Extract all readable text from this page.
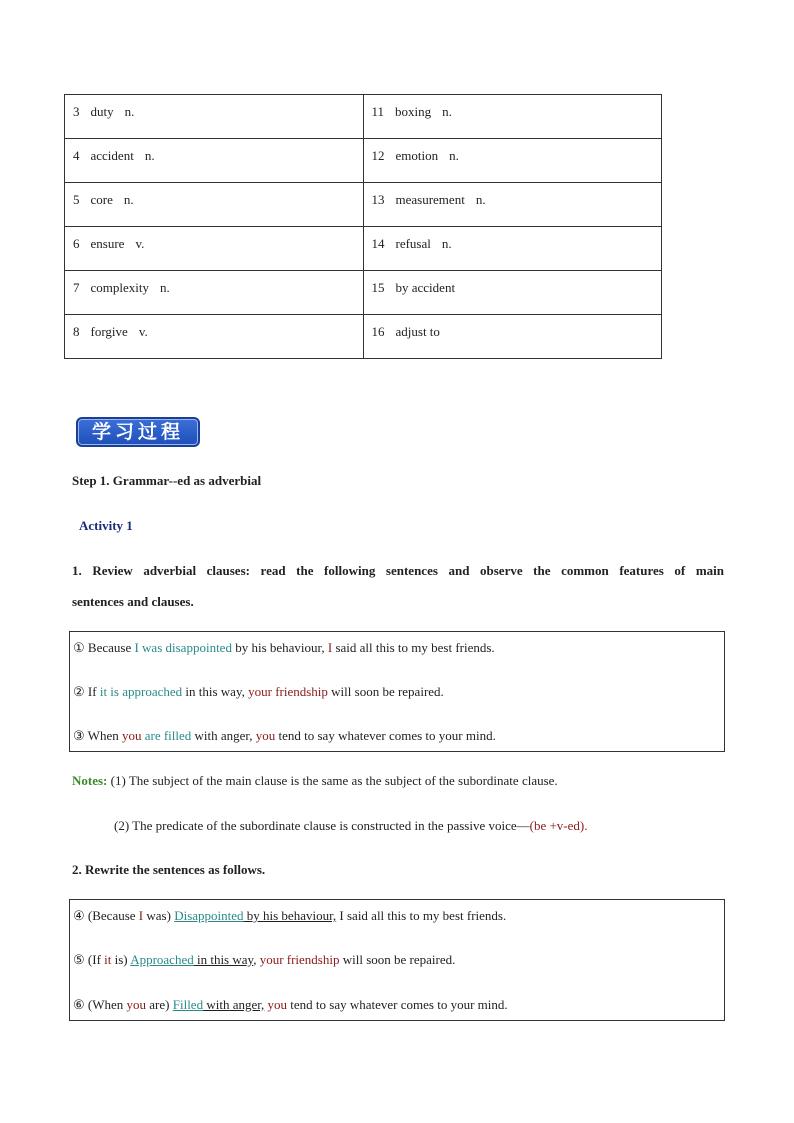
3 duty n.	11 boxing n.
4 accident n.	12 emotion n.
5 core n.	13 measurement n.
6 ensure v.	14 refusal n.
7 complexity n.	15 by accident
8 forgive v.	16 adjust to
学习过程
Step 1. Grammar--ed as adverbial
Activity 1
1. Review adverbial clauses: read the following sentences and observe the common features of main
sentences and clauses.
① Because I was disappointed by his behaviour, I said all this to my best friends.
② If it is approached in this way, your friendship will soon be repaired.
③ When you are filled with anger, you tend to say whatever comes to your mind.
Notes: (1) The subject of the main clause is the same as the subject of the subordinate clause.
(2) The predicate of the subordinate clause is constructed in the passive voice—(be +v-ed).
2. Rewrite the sentences as follows.
④ (Because I was) Disappointed by his behaviour, I said all this to my best friends.
⑤ (If it is) Approached in this way, your friendship will soon be repaired.
⑥ (When you are) Filled with anger, you tend to say whatever comes to your mind.
